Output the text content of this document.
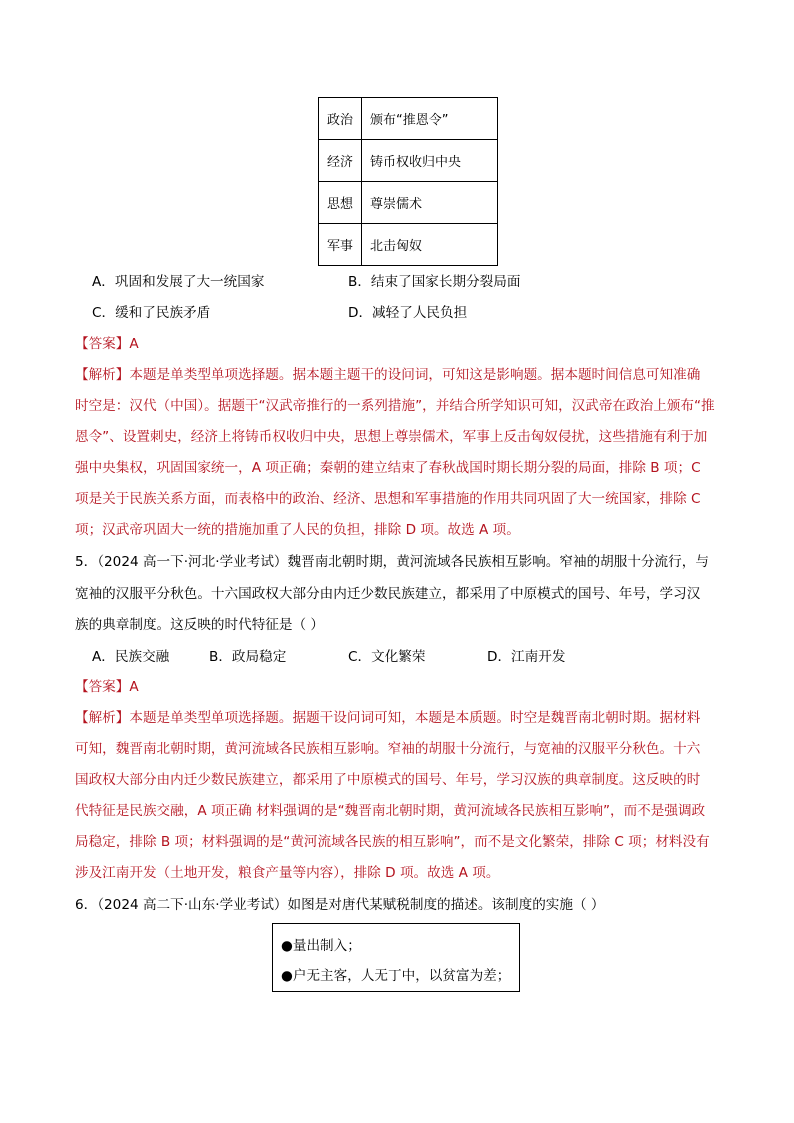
政治	颁布“推恩令”
经济	铸币权收归中央
思想	尊崇儒术
军事	北击匈奴
A．巩固和发展了大一统国家	B．结束了国家长期分裂局面
C．缓和了民族矛盾	D．减轻了人民负担
【答案】A
【解析】本题是单类型单项选择题。据本题主题干的设问词，可知这是影响题。据本题时间信息可知准确
时空是：汉代（中国）。据题干“汉武帝推行的一系列措施”，并结合所学知识可知，汉武帝在政治上颁布“推
恩令”、设置刺史，经济上将铸币权收归中央，思想上尊崇儒术，军事上反击匈奴侵扰，这些措施有利于加
强中央集权，巩固国家统一，A 项正确；秦朝的建立结束了春秋战国时期长期分裂的局面，排除 B 项；C
项是关于民族关系方面，而表格中的政治、经济、思想和军事措施的作用共同巩固了大一统国家，排除 C
项；汉武帝巩固大一统的措施加重了人民的负担，排除 D 项。故选 A 项。
5．（2024 高一下·河北·学业考试）魏晋南北朝时期，黄河流域各民族相互影响。窄袖的胡服十分流行，与
宽袖的汉服平分秋色。十六国政权大部分由内迁少数民族建立，都采用了中原模式的国号、年号，学习汉
族的典章制度。这反映的时代特征是（ ）
A．民族交融	B．政局稳定	C．文化繁荣	D．江南开发
【答案】A
【解析】本题是单类型单项选择题。据题干设问词可知，本题是本质题。时空是魏晋南北朝时期。据材料
可知，魏晋南北朝时期，黄河流域各民族相互影响。窄袖的胡服十分流行，与宽袖的汉服平分秋色。十六
国政权大部分由内迁少数民族建立，都采用了中原模式的国号、年号，学习汉族的典章制度。这反映的时
代特征是民族交融，A 项正确 材料强调的是“魏晋南北朝时期，黄河流域各民族相互影响”，而不是强调政
局稳定，排除 B 项；材料强调的是“黄河流域各民族的相互影响”，而不是文化繁荣，排除 C 项；材料没有
涉及江南开发（土地开发，粮食产量等内容），排除 D 项。故选 A 项。
6．（2024 高二下·山东·学业考试）如图是对唐代某赋税制度的描述。该制度的实施（ ）
●量出制入；
●户无主客，人无丁中，以贫富为差；
